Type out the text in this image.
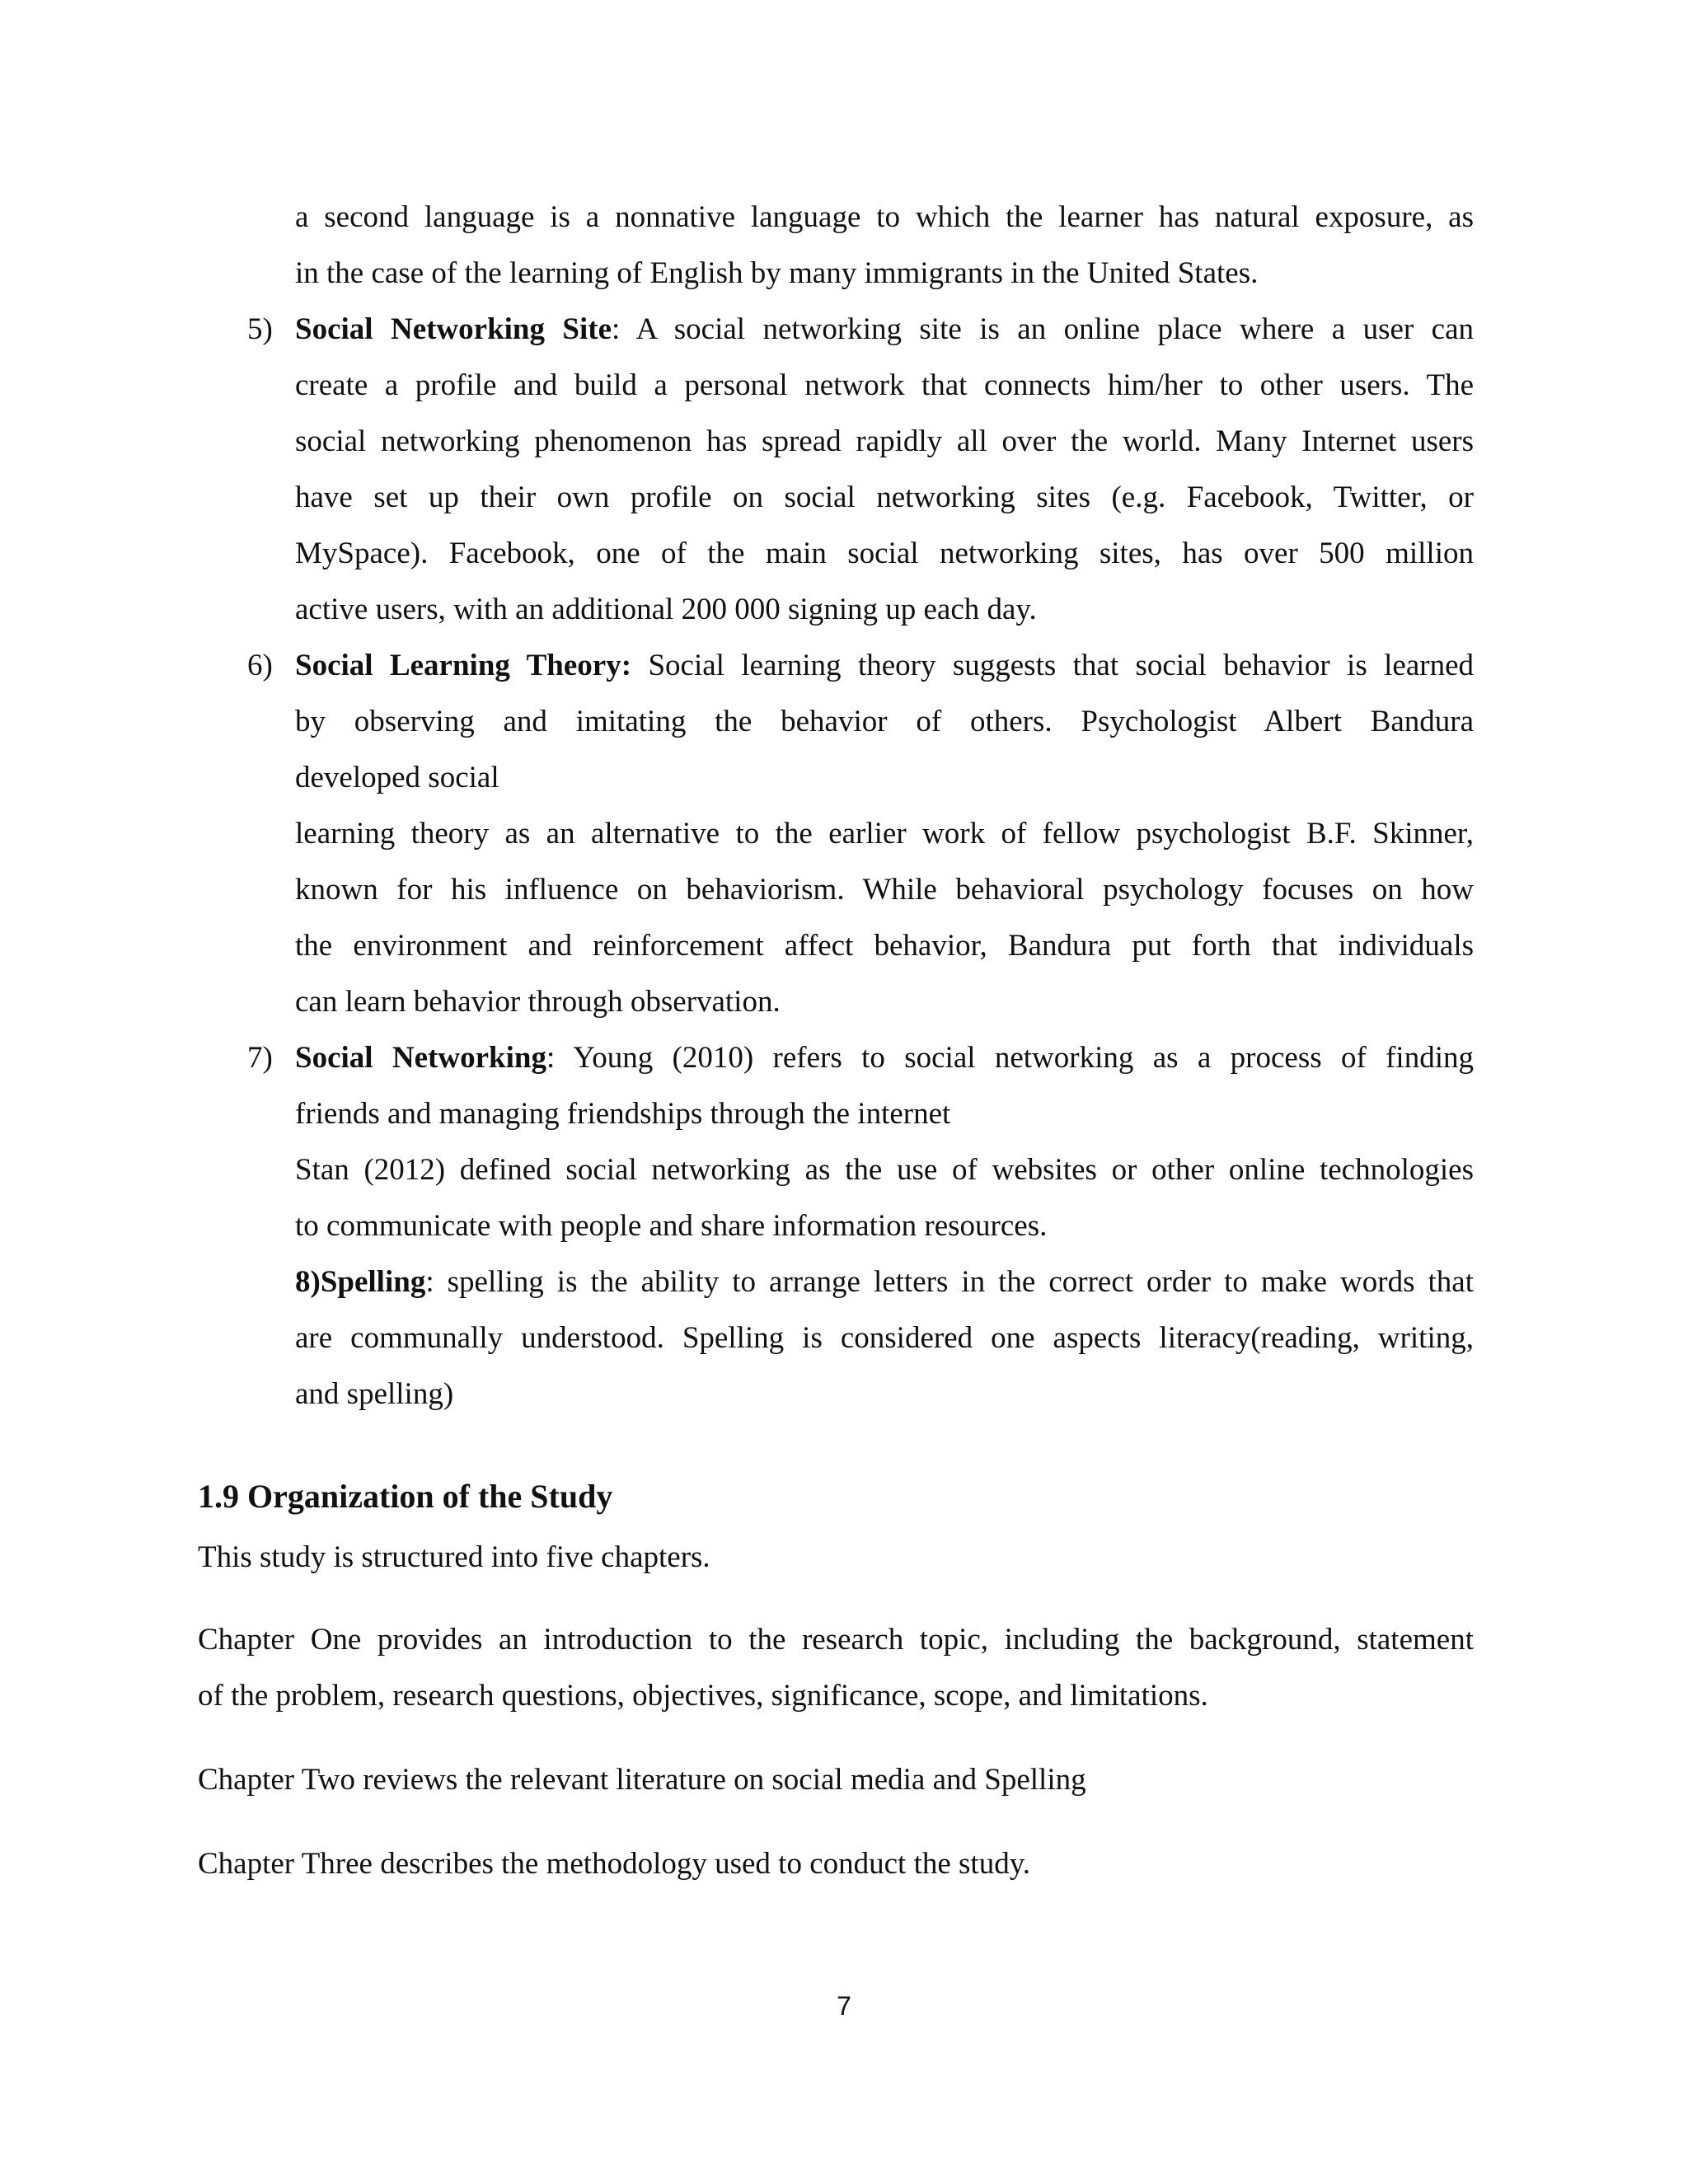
a second language is a nonnative language to which the learner has natural exposure, as
in the case of the learning of English by many immigrants in the United States.
5) Social Networking Site: A social networking site is an online place where a user can
create a profile and build a personal network that connects him/her to other users. The
social networking phenomenon has spread rapidly all over the world. Many Internet users
have set up their own profile on social networking sites (e.g. Facebook, Twitter, or
MySpace). Facebook, one of the main social networking sites, has over 500 million
active users, with an additional 200 000 signing up each day.
6) Social Learning Theory: Social learning theory suggests that social behavior is learned
by observing and imitating the behavior of others. Psychologist Albert Bandura
developed social
learning theory as an alternative to the earlier work of fellow psychologist B.F. Skinner,
known for his influence on behaviorism. While behavioral psychology focuses on how
the environment and reinforcement affect behavior, Bandura put forth that individuals
can learn behavior through observation.
7) Social Networking: Young (2010) refers to social networking as a process of finding
friends and managing friendships through the internet
Stan (2012) defined social networking as the use of websites or other online technologies
to communicate with people and share information resources.
8)Spelling: spelling is the ability to arrange letters in the correct order to make words that
are communally understood. Spelling is considered one aspects literacy(reading, writing,
and spelling)
1.9 Organization of the Study
This study is structured into five chapters.
Chapter One provides an introduction to the research topic, including the background, statement
of the problem, research questions, objectives, significance, scope, and limitations.
Chapter Two reviews the relevant literature on social media and Spelling
Chapter Three describes the methodology used to conduct the study.
7
